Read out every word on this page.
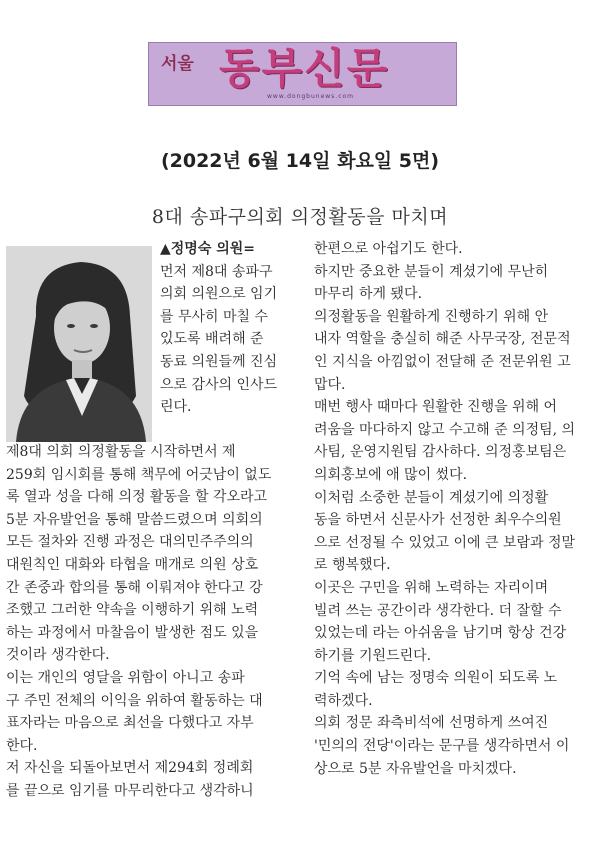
서울 동부신문
www.dongbunews.com
(2022년 6월 14일 화요일 5면)
8대 송파구의회 의정활동을 마치며
▲정명숙 의원=
먼저 제8대 송파구
의회 의원으로 임기
를 무사히 마칠 수
있도록 배려해 준
동료 의원들께 진심
으로 감사의 인사드
린다.
제8대 의회 의정활동을 시작하면서 제
259회 임시회를 통해 책무에 어긋남이 없도
록 열과 성을 다해 의정 활동을 할 각오라고
5분 자유발언을 통해 말씀드렸으며 의회의
모든 절차와 진행 과정은 대의민주주의의
대원칙인 대화와 타협을 매개로 의원 상호
간 존중과 합의를 통해 이뤄져야 한다고 강
조했고 그러한 약속을 이행하기 위해 노력
하는 과정에서 마찰음이 발생한 점도 있을
것이라 생각한다.
이는 개인의 영달을 위함이 아니고 송파
구 주민 전체의 이익을 위하여 활동하는 대
표자라는 마음으로 최선을 다했다고 자부
한다.
저 자신을 되돌아보면서 제294회 정례회
를 끝으로 임기를 마무리한다고 생각하니
한편으로 아쉽기도 한다.
하지만 중요한 분들이 계셨기에 무난히
마무리 하게 됐다.
의정활동을 원활하게 진행하기 위해 안
내자 역할을 충실히 해준 사무국장, 전문적
인 지식을 아낌없이 전달해 준 전문위원 고
맙다.
매번 행사 때마다 원활한 진행을 위해 어
려움을 마다하지 않고 수고해 준 의정팀, 의
사팀, 운영지원팀 감사하다. 의정홍보팀은
의회홍보에 애 많이 썼다.
이처럼 소중한 분들이 계셨기에 의정활
동을 하면서 신문사가 선정한 최우수의원
으로 선정될 수 있었고 이에 큰 보람과 정말
로 행복했다.
이곳은 구민을 위해 노력하는 자리이며
빌려 쓰는 공간이라 생각한다. 더 잘할 수
있었는데 라는 아쉬움을 남기며 항상 건강
하기를 기원드린다.
기억 속에 남는 정명숙 의원이 되도록 노
력하겠다.
의회 정문 좌측비석에 선명하게 쓰여진
'민의의 전당'이라는 문구를 생각하면서 이
상으로 5분 자유발언을 마치겠다.
